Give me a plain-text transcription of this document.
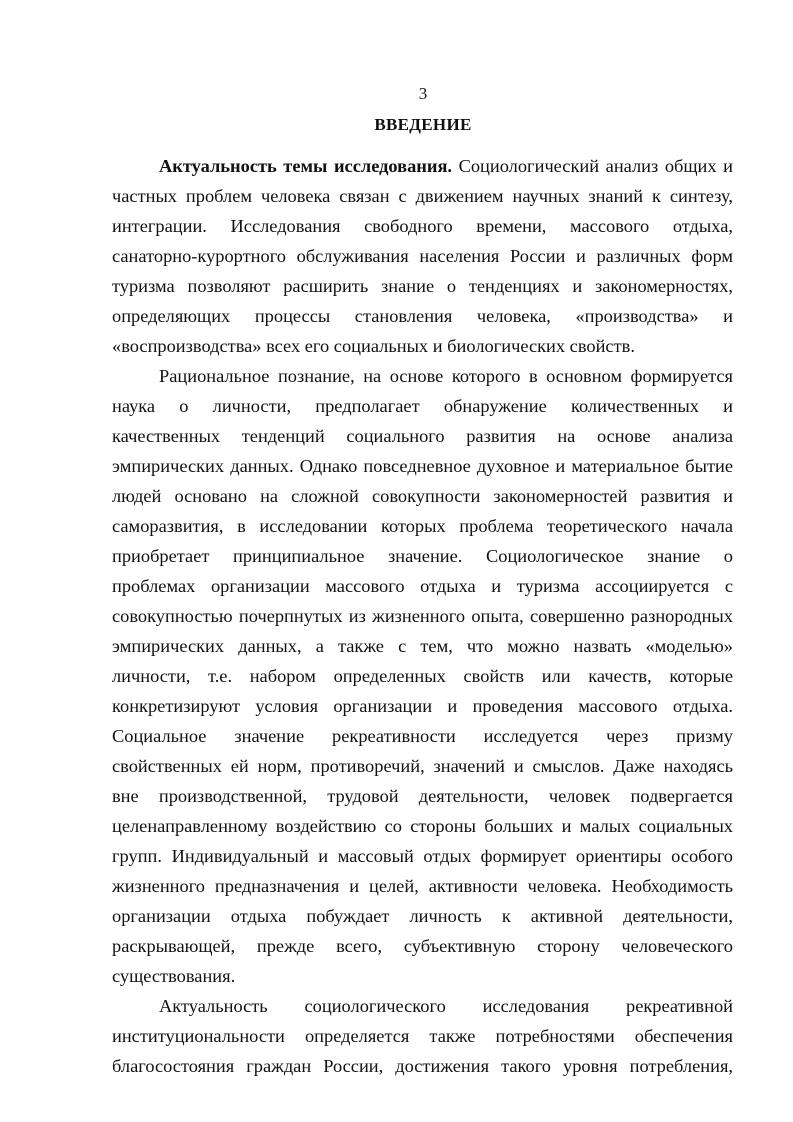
3
ВВЕДЕНИЕ
Актуальность темы исследования. Социологический анализ общих и
частных проблем человека связан с движением научных знаний к синтезу,
интеграции. Исследования свободного времени, массового отдыха,
санаторно-курортного обслуживания населения России и различных форм
туризма позволяют расширить знание о тенденциях и закономерностях,
определяющих процессы становления человека, «производства» и
«воспроизводства» всех его социальных и биологических свойств.
Рациональное познание, на основе которого в основном формируется
наука о личности, предполагает обнаружение количественных и
качественных тенденций социального развития на основе анализа
эмпирических данных. Однако повседневное духовное и материальное бытие
людей основано на сложной совокупности закономерностей развития и
саморазвития, в исследовании которых проблема теоретического начала
приобретает принципиальное значение. Социологическое знание о
проблемах организации массового отдыха и туризма ассоциируется с
совокупностью почерпнутых из жизненного опыта, совершенно разнородных
эмпирических данных, а также с тем, что можно назвать «моделью»
личности, т.е. набором определенных свойств или качеств, которые
конкретизируют условия организации и проведения массового отдыха.
Социальное значение рекреативности исследуется через призму
свойственных ей норм, противоречий, значений и смыслов. Даже находясь
вне производственной, трудовой деятельности, человек подвергается
целенаправленному воздействию со стороны больших и малых социальных
групп. Индивидуальный и массовый отдых формирует ориентиры особого
жизненного предназначения и целей, активности человека. Необходимость
организации отдыха побуждает личность к активной деятельности,
раскрывающей, прежде всего, субъективную сторону человеческого
существования.
Актуальность социологического исследования рекреативной
институциональности определяется также потребностями обеспечения
благосостояния граждан России, достижения такого уровня потребления,
